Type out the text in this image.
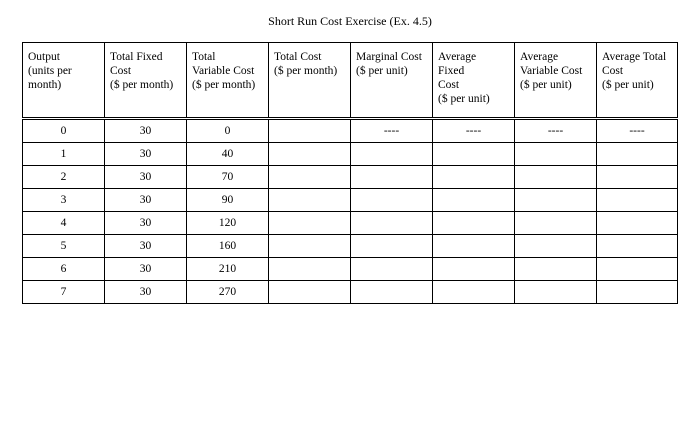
Short Run Cost Exercise (Ex. 4.5)
Output
(units per
month)	Total Fixed
Cost
($ per month)	Total
Variable Cost
($ per month)	Total Cost
($ per month)	Marginal Cost
($ per unit)	Average
Fixed
Cost
($ per unit)	Average
Variable Cost
($ per unit)	Average Total
Cost
($ per unit)

0	30	0		----	----	----	----
1	30	40					
2	30	70					
3	30	90					
4	30	120					
5	30	160					
6	30	210					
7	30	270					
